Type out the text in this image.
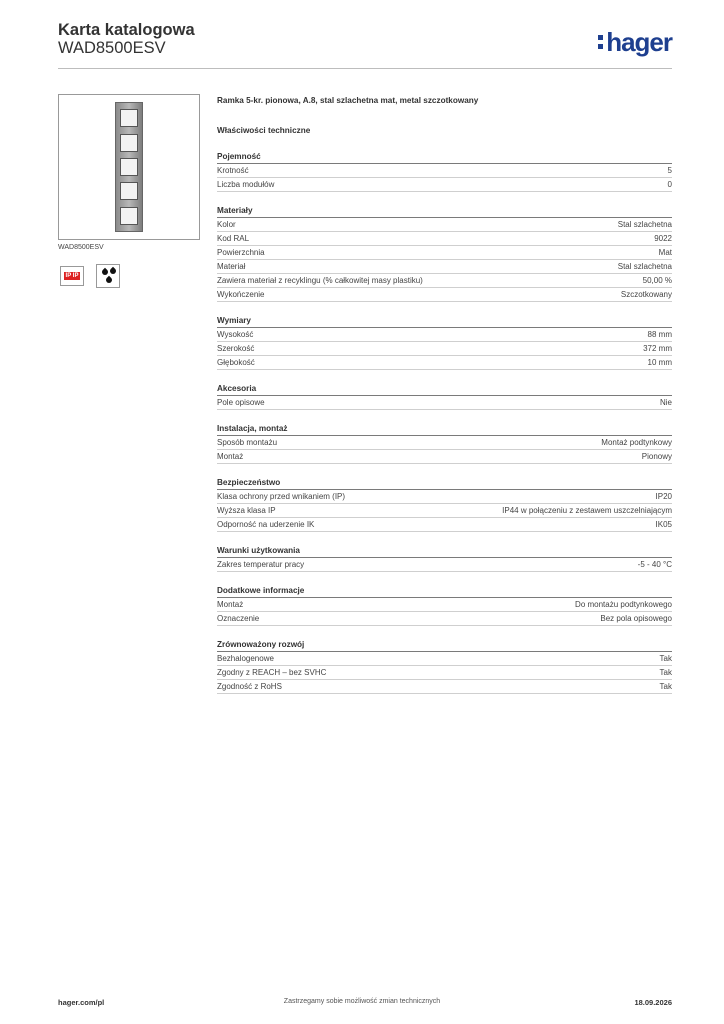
Karta katalogowa
WAD8500ESV	hager
WAD8500ESV
IP IP
Ramka 5-kr. pionowa, A.8, stal szlachetna mat, metal szczotkowany
Właściwości techniczne
Pojemność
Krotność	5
Liczba modułów	0
Materiały
Kolor	Stal szlachetna
Kod RAL	9022
Powierzchnia	Mat
Materiał	Stal szlachetna
Zawiera materiał z recyklingu (% całkowitej masy plastiku)	50,00 %
Wykończenie	Szczotkowany
Wymiary
Wysokość	88 mm
Szerokość	372 mm
Głębokość	10 mm
Akcesoria
Pole opisowe	Nie
Instalacja, montaż
Sposób montażu	Montaż podtynkowy
Montaż	Pionowy
Bezpieczeństwo
Klasa ochrony przed wnikaniem (IP)	IP20
Wyższa klasa IP	IP44 w połączeniu z zestawem uszczelniającym
Odporność na uderzenie IK	IK05
Warunki użytkowania
Zakres temperatur pracy	-5 - 40 °C
Dodatkowe informacje
Montaż	Do montażu podtynkowego
Oznaczenie	Bez pola opisowego
Zrównoważony rozwój
Bezhalogenowe	Tak
Zgodny z REACH – bez SVHC	Tak
Zgodność z RoHS	Tak
hager.com/pl	Zastrzegamy sobie możliwość zmian technicznych	18.09.2026
